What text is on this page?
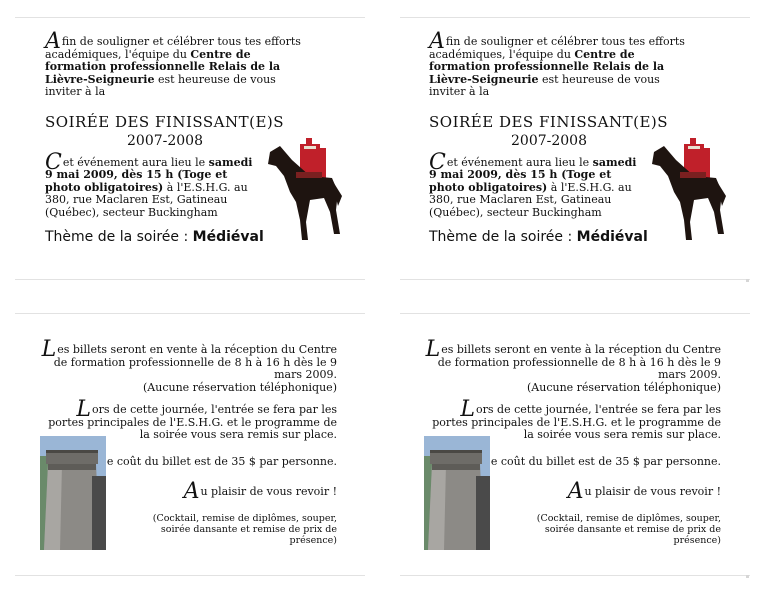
Afin de souligner et célébrer tous tes efforts académiques, l'équipe du Centre de formation professionnelle Relais de la Lièvre-Seigneurie est heureuse de vous inviter à la

SOIRÉE DES FINISSANT(E)S

2007-2008

Cet événement aura lieu le samedi 9 mai 2009, dès 15 h (Toge et photo obligatoires) à l'E.S.H.G. au 380, rue Maclaren Est, Gatineau (Québec), secteur Buckingham

Thème de la soirée : Médiéval

Afin de souligner et célébrer tous tes efforts académiques, l'équipe du Centre de formation professionnelle Relais de la Lièvre-Seigneurie est heureuse de vous inviter à la

SOIRÉE DES FINISSANT(E)S

2007-2008

Cet événement aura lieu le samedi 9 mai 2009, dès 15 h (Toge et photo obligatoires) à l'E.S.H.G. au 380, rue Maclaren Est, Gatineau (Québec), secteur Buckingham

Thème de la soirée : Médiéval

Les billets seront en vente à la réception du Centre de formation professionnelle de 8 h à 16 h dès le 9 mars 2009.
(Aucune réservation téléphonique)

Lors de cette journée, l'entrée se fera par les portes principales de l'E.S.H.G. et le programme de la soirée vous sera remis sur place.

e coût du billet est de 35 $ par personne.

Au plaisir de vous revoir !

(Cocktail, remise de diplômes, souper, soirée dansante et remise de prix de présence)

Les billets seront en vente à la réception du Centre de formation professionnelle de 8 h à 16 h dès le 9 mars 2009.
(Aucune réservation téléphonique)

Lors de cette journée, l'entrée se fera par les portes principales de l'E.S.H.G. et le programme de la soirée vous sera remis sur place.

e coût du billet est de 35 $ par personne.

Au plaisir de vous revoir !

(Cocktail, remise de diplômes, souper, soirée dansante et remise de prix de présence)
